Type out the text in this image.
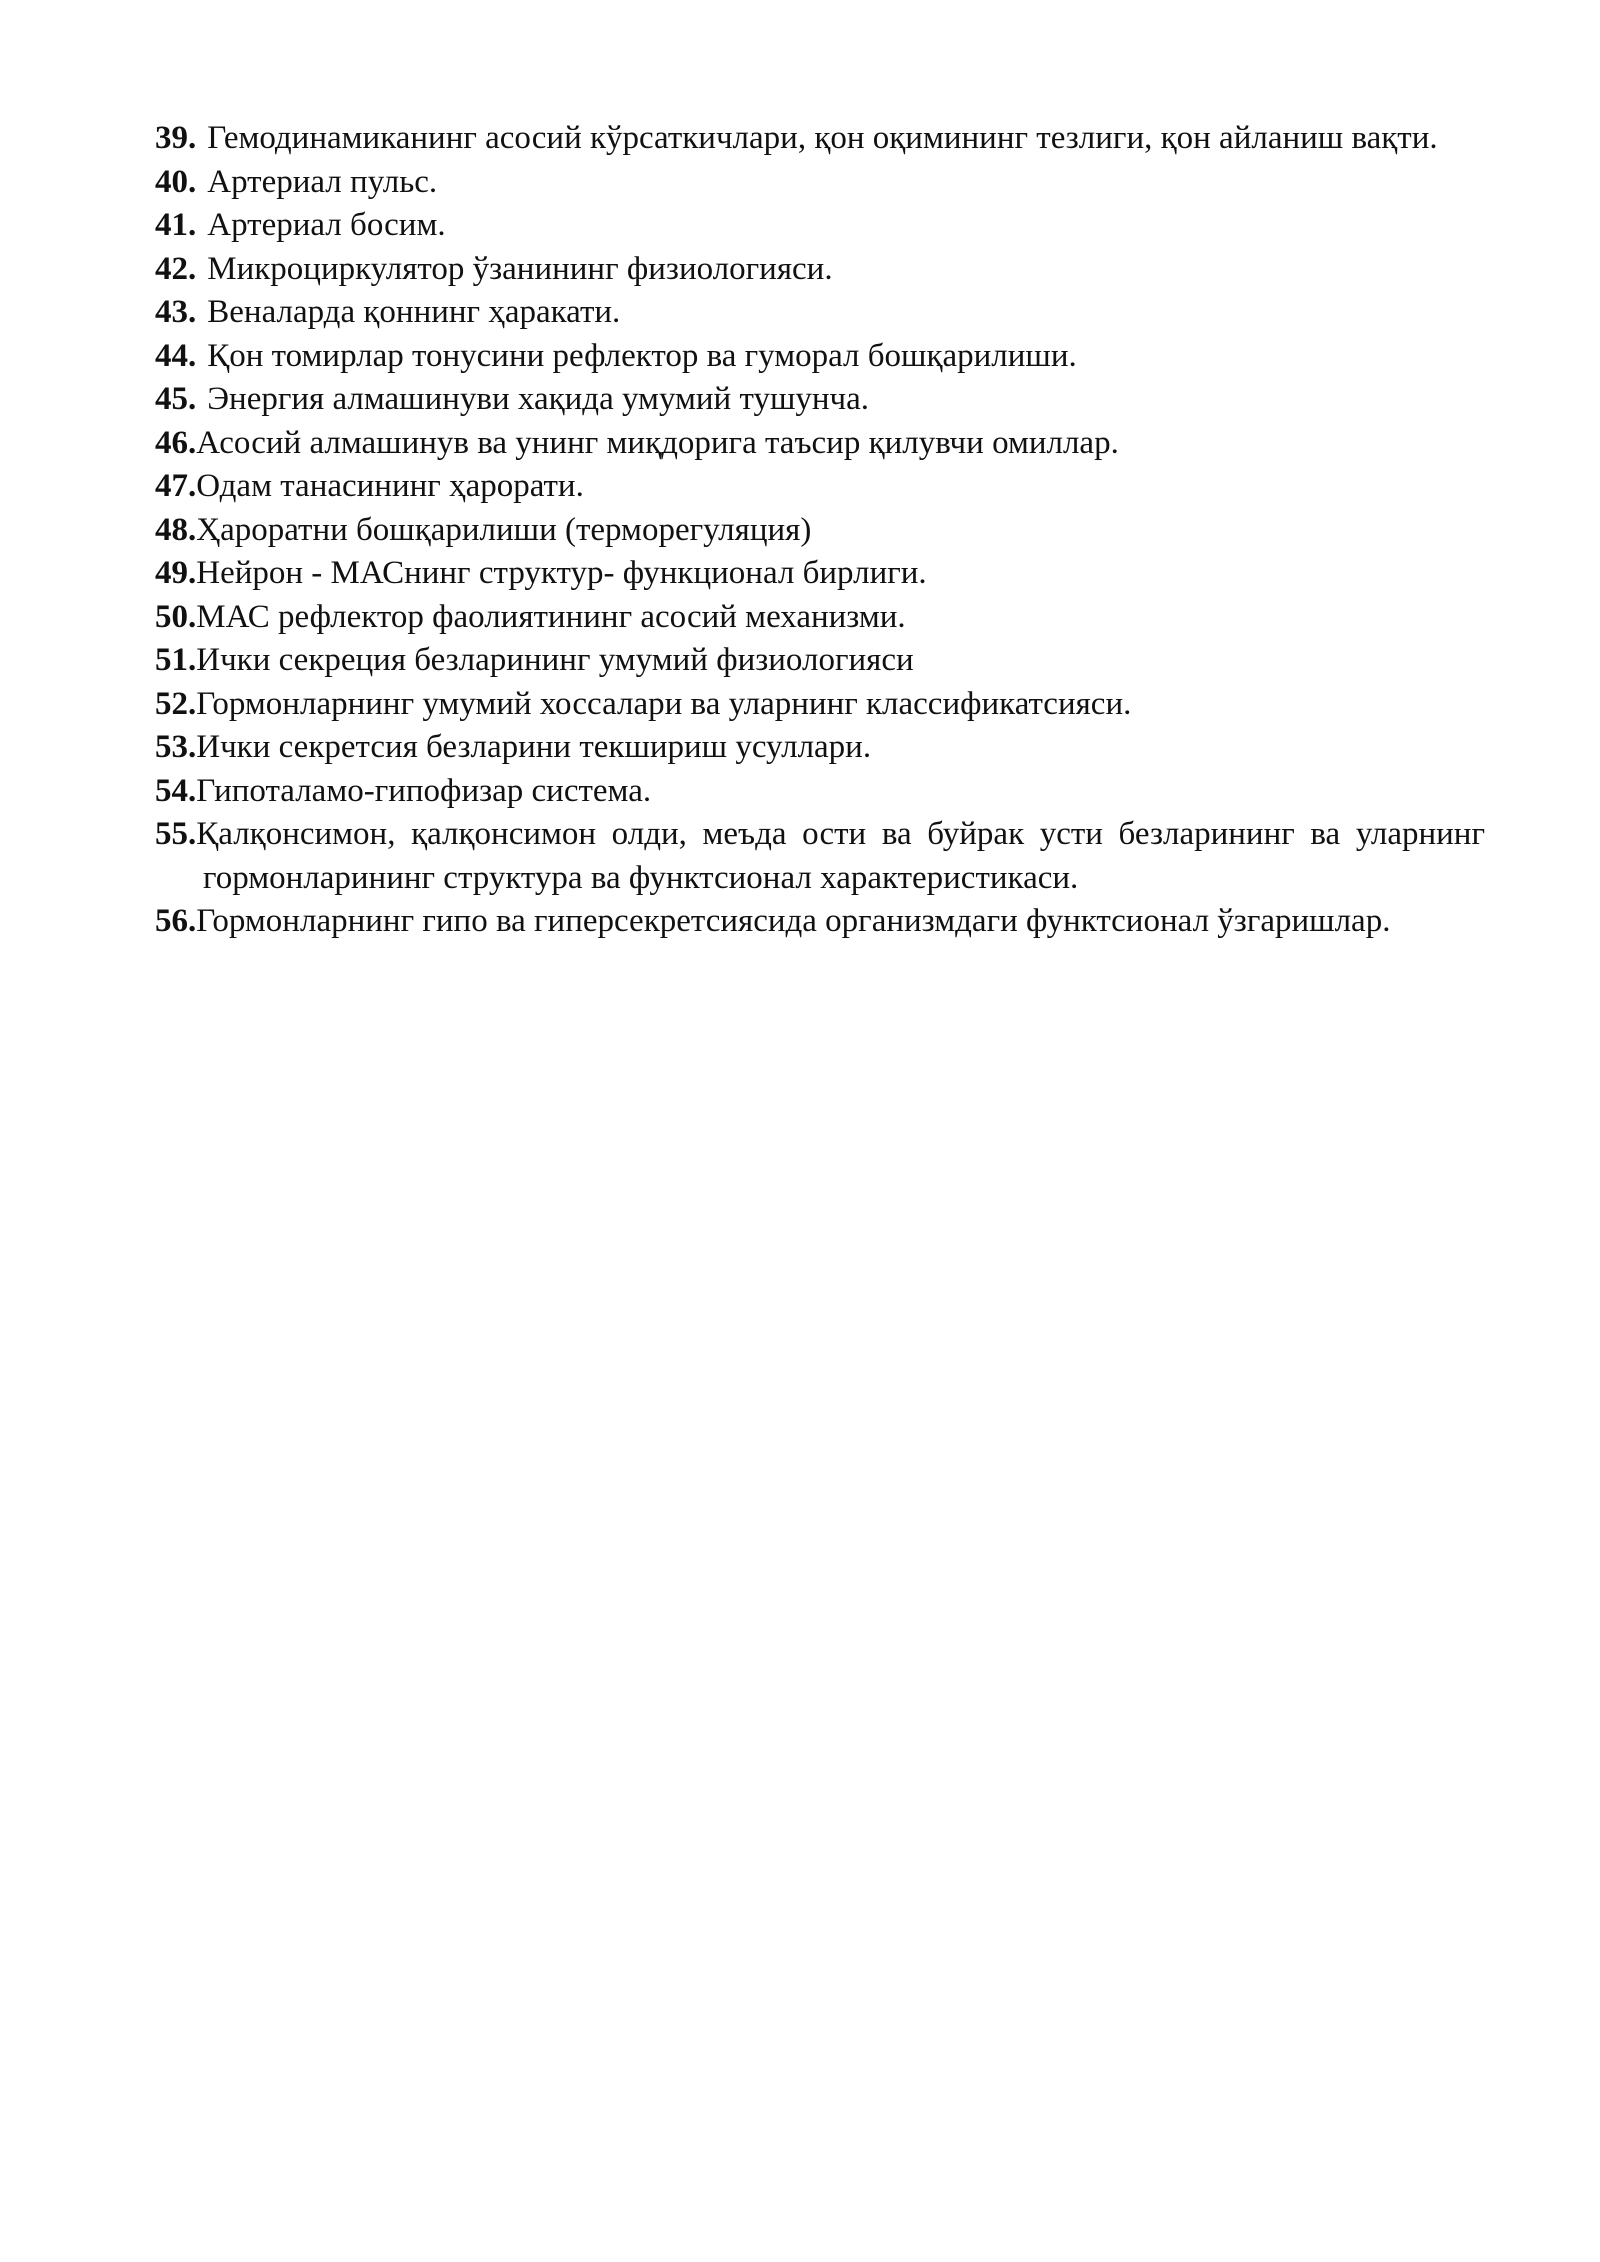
39. Гемодинамиканинг асосий кўрсаткичлари, қон оқимининг тезлиги, қон айланиш вақти.
40. Артериал пульс.
41. Артериал босим.
42. Микроциркулятор ўзанининг физиологияси.
43. Веналарда қоннинг ҳаракати.
44. Қон томирлар тонусини рефлектор ва гуморал бошқарилиши.
45. Энергия алмашинуви хақида умумий тушунча.
46.Асосий алмашинув ва унинг миқдорига таъсир қилувчи омиллар.
47.Одам танасининг ҳарорати.
48.Ҳароратни бошқарилиши (терморегуляция)
49.Нейрон - МАСнинг структур- функционал бирлиги.
50.МАС рефлектор фаолиятининг асосий механизми.
51.Ички секреция безларининг умумий физиологияси
52.Гормонларнинг умумий хоссалари ва уларнинг классификатсияси.
53.Ички секретсия безларини текшириш усуллари.
54.Гипоталамо-гипофизар система.
55.Қалқонсимон, қалқонсимон олди, меъда ости ва буйрак усти безларининг ва уларнинг гормонларининг структура ва функтсионал характеристикаси.
56.Гормонларнинг гипо ва гиперсекретсиясида организмдаги функтсионал ўзгаришлар.
